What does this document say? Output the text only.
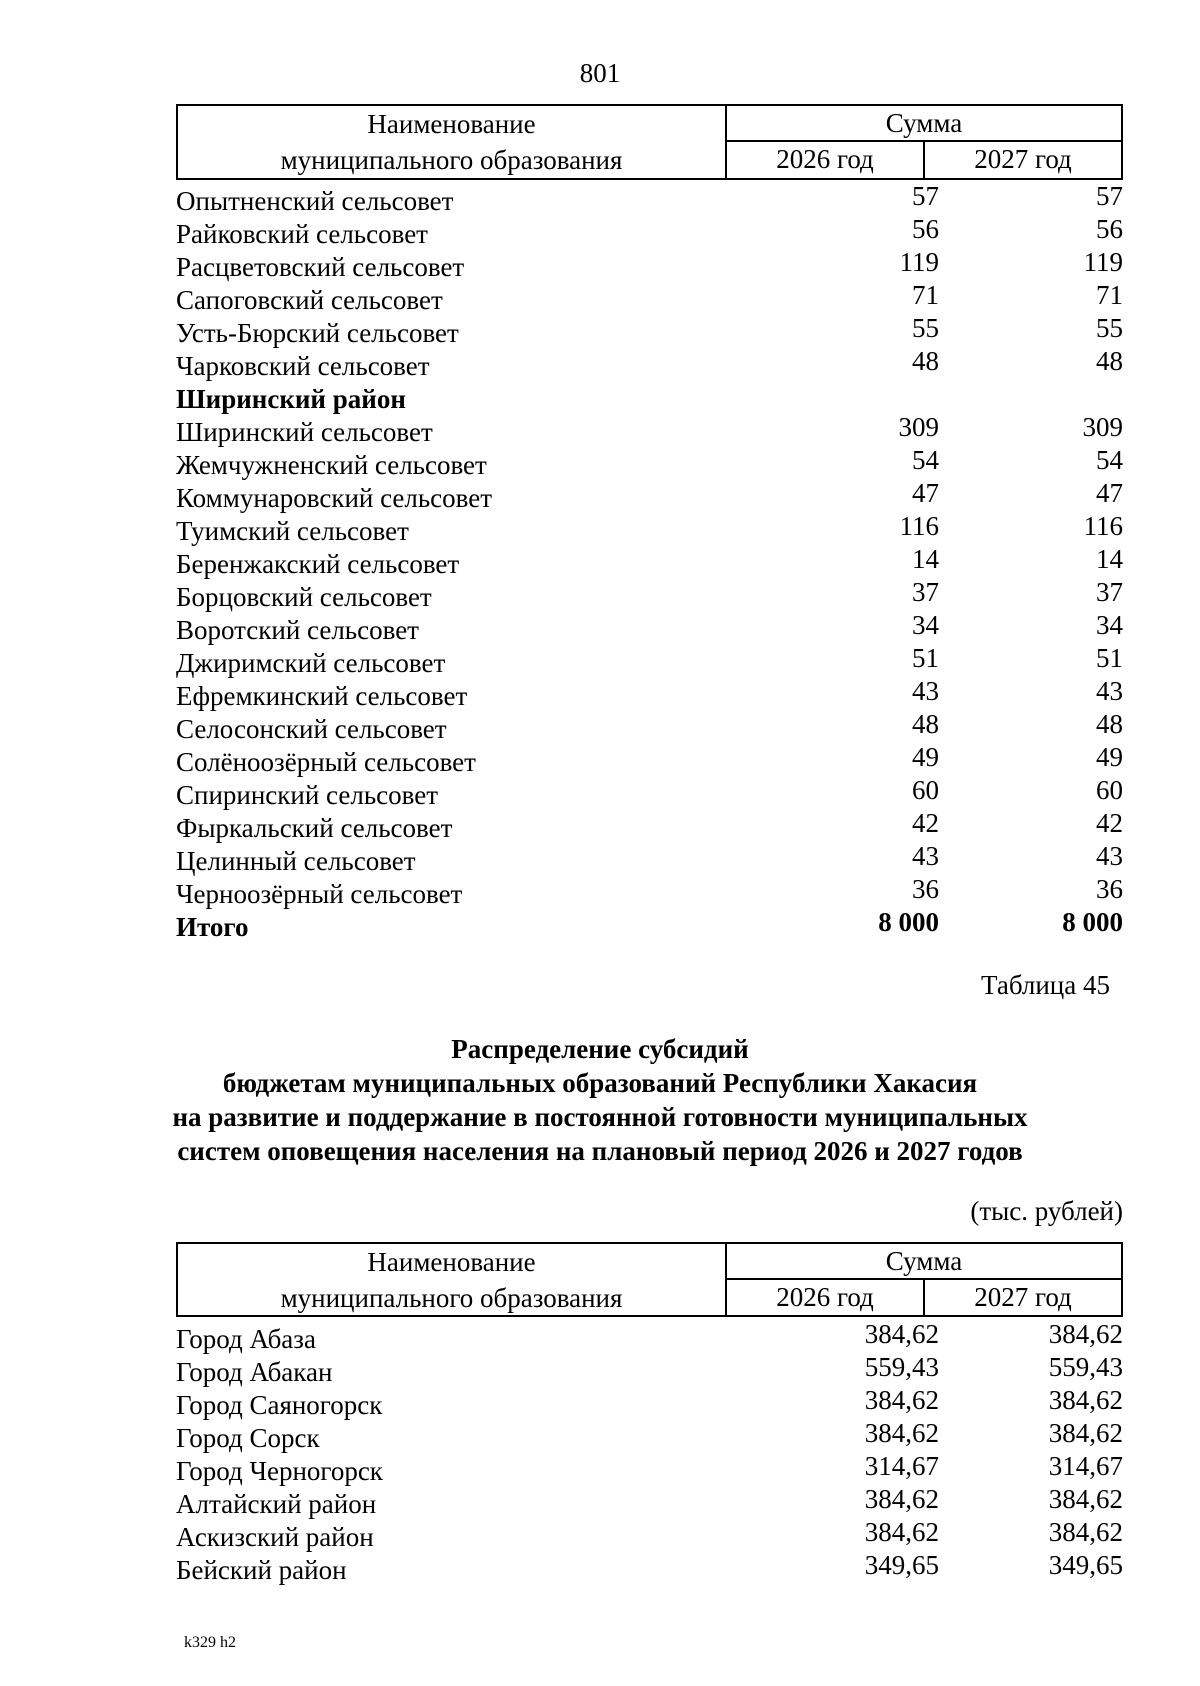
801
Наименование
муниципального образования
Сумма
2026 год	2027 год
Опытненский сельсовет	57	57
Райковский сельсовет	56	56
Расцветовский сельсовет	119	119
Сапоговский сельсовет	71	71
Усть-Бюрский сельсовет	55	55
Чарковский сельсовет	48	48
Ширинский район
Ширинский сельсовет	309	309
Жемчужненский сельсовет	54	54
Коммунаровский сельсовет	47	47
Туимский сельсовет	116	116
Беренжакский сельсовет	14	14
Борцовский сельсовет	37	37
Воротский сельсовет	34	34
Джиримский сельсовет	51	51
Ефремкинский сельсовет	43	43
Селосонский сельсовет	48	48
Солёноозёрный сельсовет	49	49
Спиринский сельсовет	60	60
Фыркальский сельсовет	42	42
Целинный сельсовет	43	43
Черноозёрный сельсовет	36	36
Итого	8 000	8 000
Таблица 45
Распределение субсидий
бюджетам муниципальных образований Республики Хакасия
на развитие и поддержание в постоянной готовности муниципальных
систем оповещения населения на плановый период 2026 и 2027 годов
(тыс. рублей)
Наименование
муниципального образования
Сумма
2026 год	2027 год
Город Абаза	384,62	384,62
Город Абакан	559,43	559,43
Город Саяногорск	384,62	384,62
Город Сорск	384,62	384,62
Город Черногорск	314,67	314,67
Алтайский район	384,62	384,62
Аскизский район	384,62	384,62
Бейский район	349,65	349,65
k329 h2
